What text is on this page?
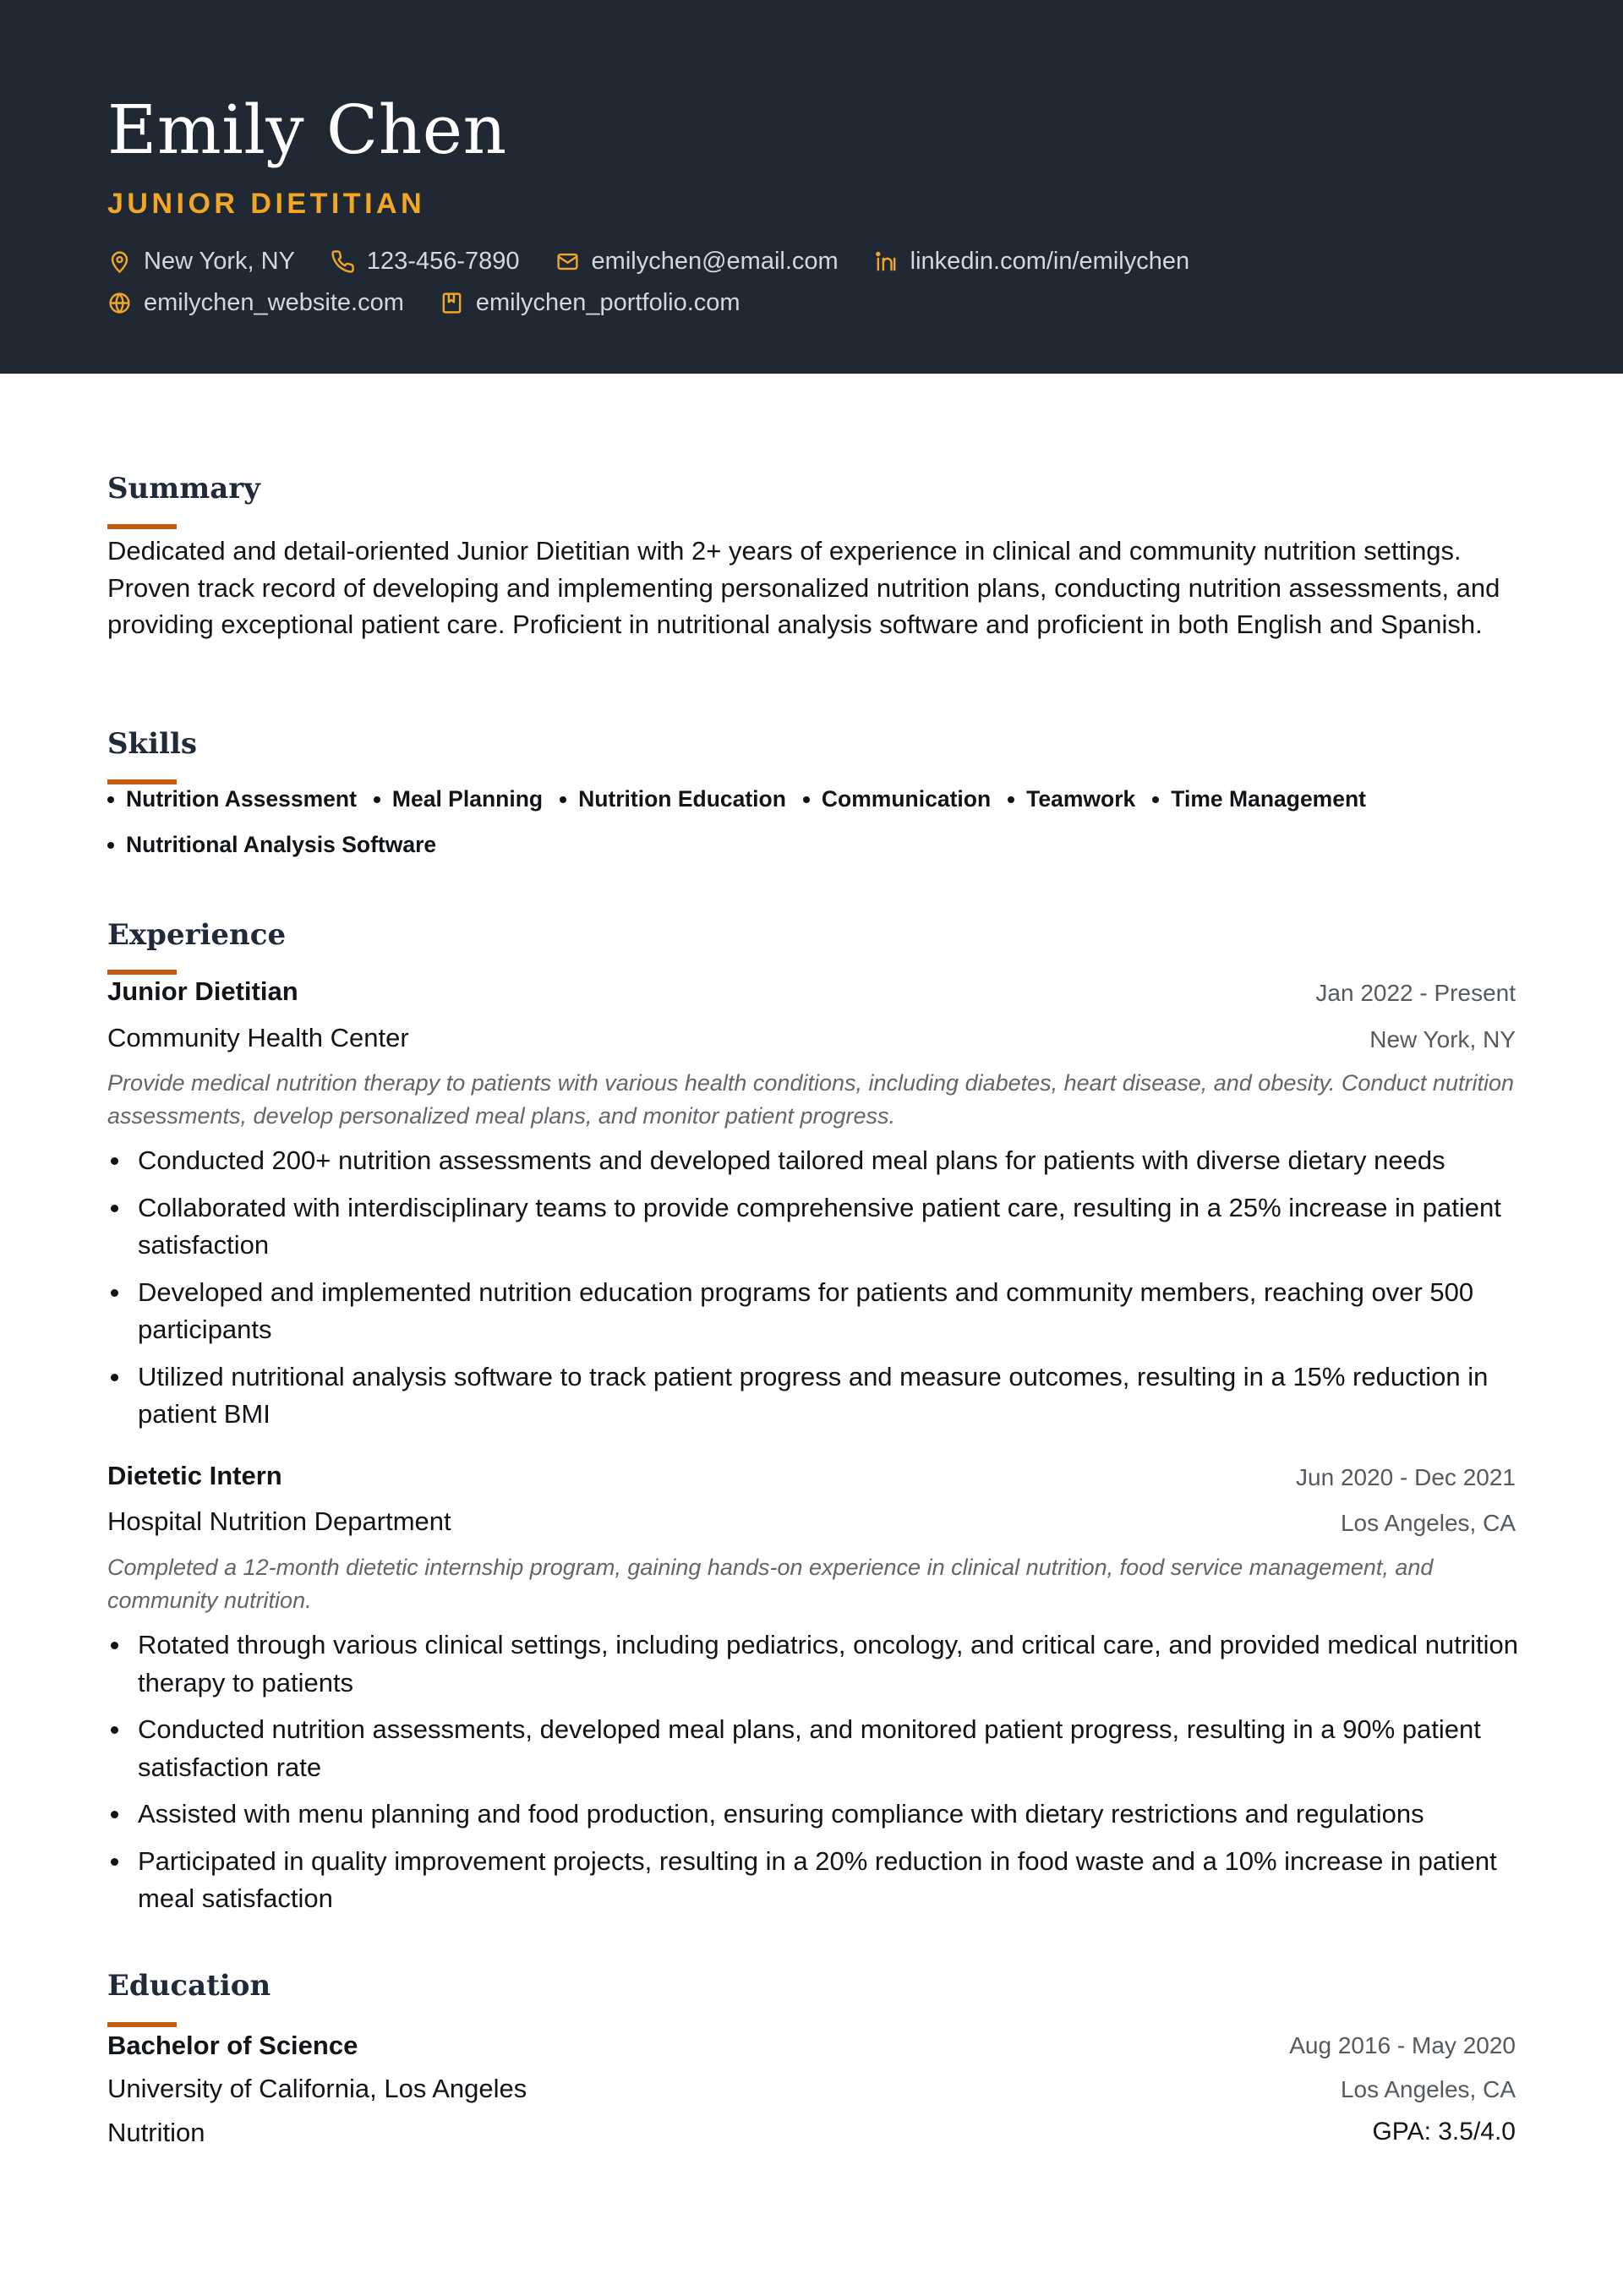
Emily Chen
JUNIOR DIETITIAN
New York, NY	123-456-7890	emilychen@email.com	linkedin.com/in/emilychen
emilychen_website.com	emilychen_portfolio.com
Summary
Dedicated and detail-oriented Junior Dietitian with 2+ years of experience in clinical and community nutrition settings. Proven track record of developing and implementing personalized nutrition plans, conducting nutrition assessments, and providing exceptional patient care. Proficient in nutritional analysis software and proficient in both English and Spanish.
Skills
Nutrition Assessment Meal Planning Nutrition Education Communication Teamwork Time Management
Nutritional Analysis Software
Experience
Junior Dietitian	Jan 2022 - Present
Community Health Center	New York, NY
Provide medical nutrition therapy to patients with various health conditions, including diabetes, heart disease, and obesity. Conduct nutrition assessments, develop personalized meal plans, and monitor patient progress.
Conducted 200+ nutrition assessments and developed tailored meal plans for patients with diverse dietary needs
Collaborated with interdisciplinary teams to provide comprehensive patient care, resulting in a 25% increase in patient satisfaction
Developed and implemented nutrition education programs for patients and community members, reaching over 500 participants
Utilized nutritional analysis software to track patient progress and measure outcomes, resulting in a 15% reduction in patient BMI
Dietetic Intern	Jun 2020 - Dec 2021
Hospital Nutrition Department	Los Angeles, CA
Completed a 12-month dietetic internship program, gaining hands-on experience in clinical nutrition, food service management, and community nutrition.
Rotated through various clinical settings, including pediatrics, oncology, and critical care, and provided medical nutrition therapy to patients
Conducted nutrition assessments, developed meal plans, and monitored patient progress, resulting in a 90% patient satisfaction rate
Assisted with menu planning and food production, ensuring compliance with dietary restrictions and regulations
Participated in quality improvement projects, resulting in a 20% reduction in food waste and a 10% increase in patient meal satisfaction
Education
Bachelor of Science	Aug 2016 - May 2020
University of California, Los Angeles	Los Angeles, CA
Nutrition	GPA: 3.5/4.0
